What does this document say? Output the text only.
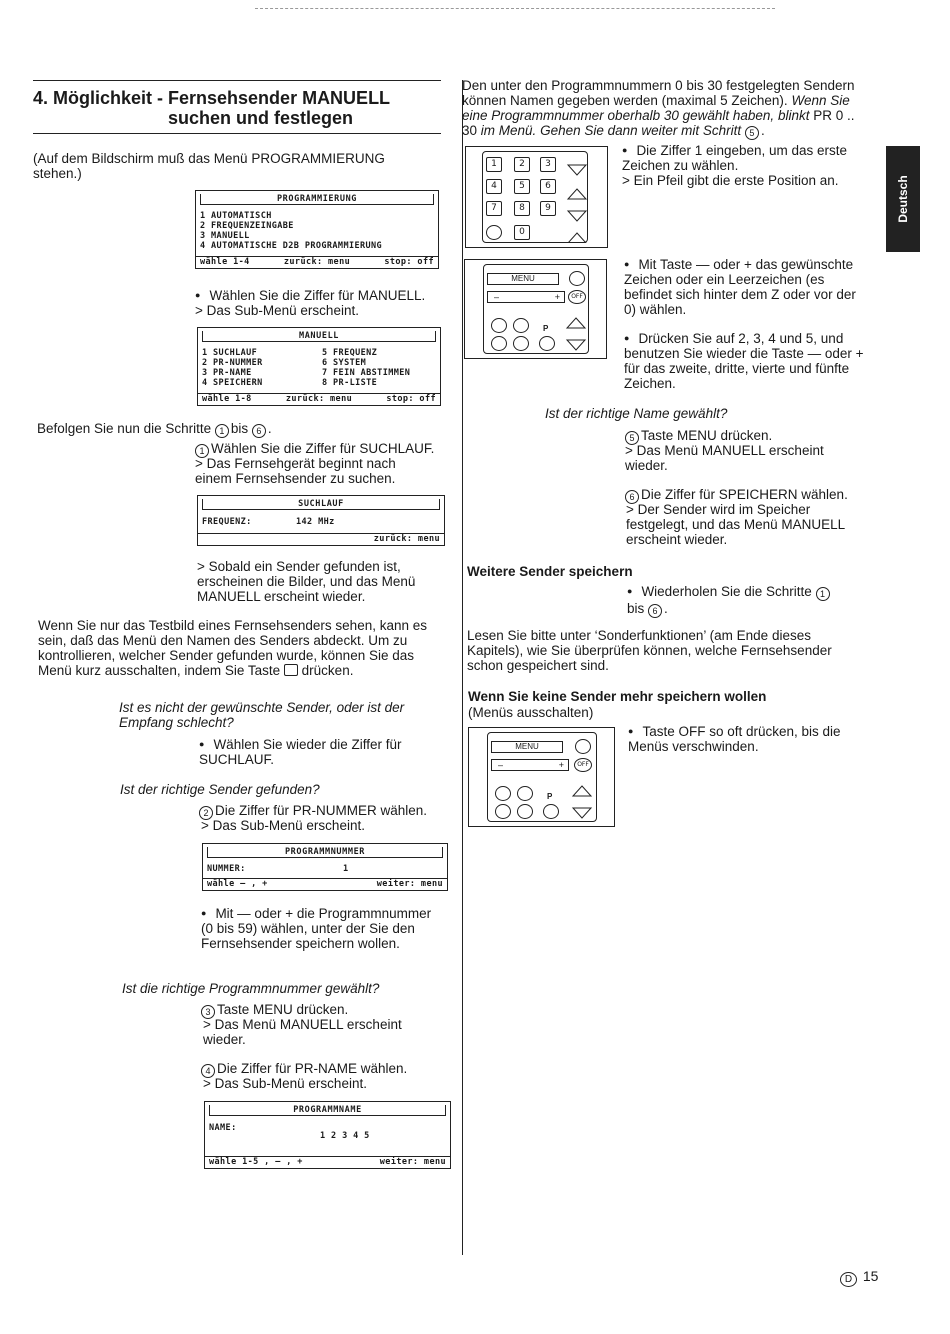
Deutsch
4. Möglichkeit - Fernsehsender MANUELL
suchen und festlegen
(Auf dem Bildschirm muß das Menü PROGRAMMIERUNG stehen.)
PROGRAMMIERUNG
1 AUTOMATISCH
2 FREQUENZEINGABE
3 MANUELL
4 AUTOMATISCHE D2B PROGRAMMIERUNG
wähle 1-4	zurück: menu	stop: off
● Wählen Sie die Ziffer für MANUELL.
> Das Sub-Menü erscheint.
MANUELL
1 SUCHLAUF
2 PR-NUMMER
3 PR-NAME
4 SPEICHERN
5 FREQUENZ
6 SYSTEM
7 FEIN ABSTIMMEN
8 PR-LISTE
wähle 1-8	zurück: menu	stop: off
Befolgen Sie nun die Schritte 1 bis 6 .
1 Wählen Sie die Ziffer für SUCHLAUF.
> Das Fernsehgerät beginnt nach einem Fernsehsender zu suchen.
SUCHLAUF
FREQUENZ:	142 MHz
zurück: menu
> Sobald ein Sender gefunden ist, erscheinen die Bilder, und das Menü MANUELL erscheint wieder.
Wenn Sie nur das Testbild eines Fernsehsenders sehen, kann es sein, daß das Menü den Namen des Senders abdeckt. Um zu kontrollieren, welcher Sender gefunden wurde, können Sie das Menü kurz ausschalten, indem Sie Taste drücken.
Ist es nicht der gewünschte Sender, oder ist der Empfang schlecht?
● Wählen Sie wieder die Ziffer für SUCHLAUF.
Ist der richtige Sender gefunden?
2 Die Ziffer für PR-NUMMER wählen.
> Das Sub-Menü erscheint.
PROGRAMMNUMMER
NUMMER:	1
wähle – , +	weiter: menu
● Mit — oder + die Programmnummer (0 bis 59) wählen, unter der Sie den Fernsehsender speichern wollen.
Ist die richtige Programmnummer gewählt?
3 Taste MENU drücken.
> Das Menü MANUELL erscheint wieder.
4 Die Ziffer für PR-NAME wählen.
> Das Sub-Menü erscheint.
PROGRAMMNAME
NAME:
1 2 3 4 5
wähle 1-5 , – , +	weiter: menu
Den unter den Programmnummern 0 bis 30 festgelegten Sendern können Namen gegeben werden (maximal 5 Zeichen). Wenn Sie eine Programmnummer oberhalb 30 gewählt haben, blinkt PR 0 .. 30 im Menü. Gehen Sie dann weiter mit Schritt 5 .
1	2	3
4	5	6
7	8	9
0
● Die Ziffer 1 eingeben, um das erste Zeichen zu wählen.
> Ein Pfeil gibt die erste Position an.
MENU
–	+	OFF
P
● Mit Taste — oder + das gewünschte Zeichen oder ein Leerzeichen (es befindet sich hinter dem Z oder vor der 0) wählen.
● Drücken Sie auf 2, 3, 4 und 5, und benutzen Sie wieder die Taste — oder + für das zweite, dritte, vierte und fünfte Zeichen.
Ist der richtige Name gewählt?
5 Taste MENU drücken.
> Das Menü MANUELL erscheint wieder.
6 Die Ziffer für SPEICHERN wählen.
> Der Sender wird im Speicher festgelegt, und das Menü MANUELL erscheint wieder.
Weitere Sender speichern
● Wiederholen Sie die Schritte 1
bis 6 .
Lesen Sie bitte unter ‘Sonderfunktionen’ (am Ende dieses Kapitels), wie Sie überprüfen können, welche Fernsehsender schon gespeichert sind.
Wenn Sie keine Sender mehr speichern wollen
(Menüs ausschalten)
MENU
–	+	OFF
P
● Taste OFF so oft drücken, bis die Menüs verschwinden.
D 15
